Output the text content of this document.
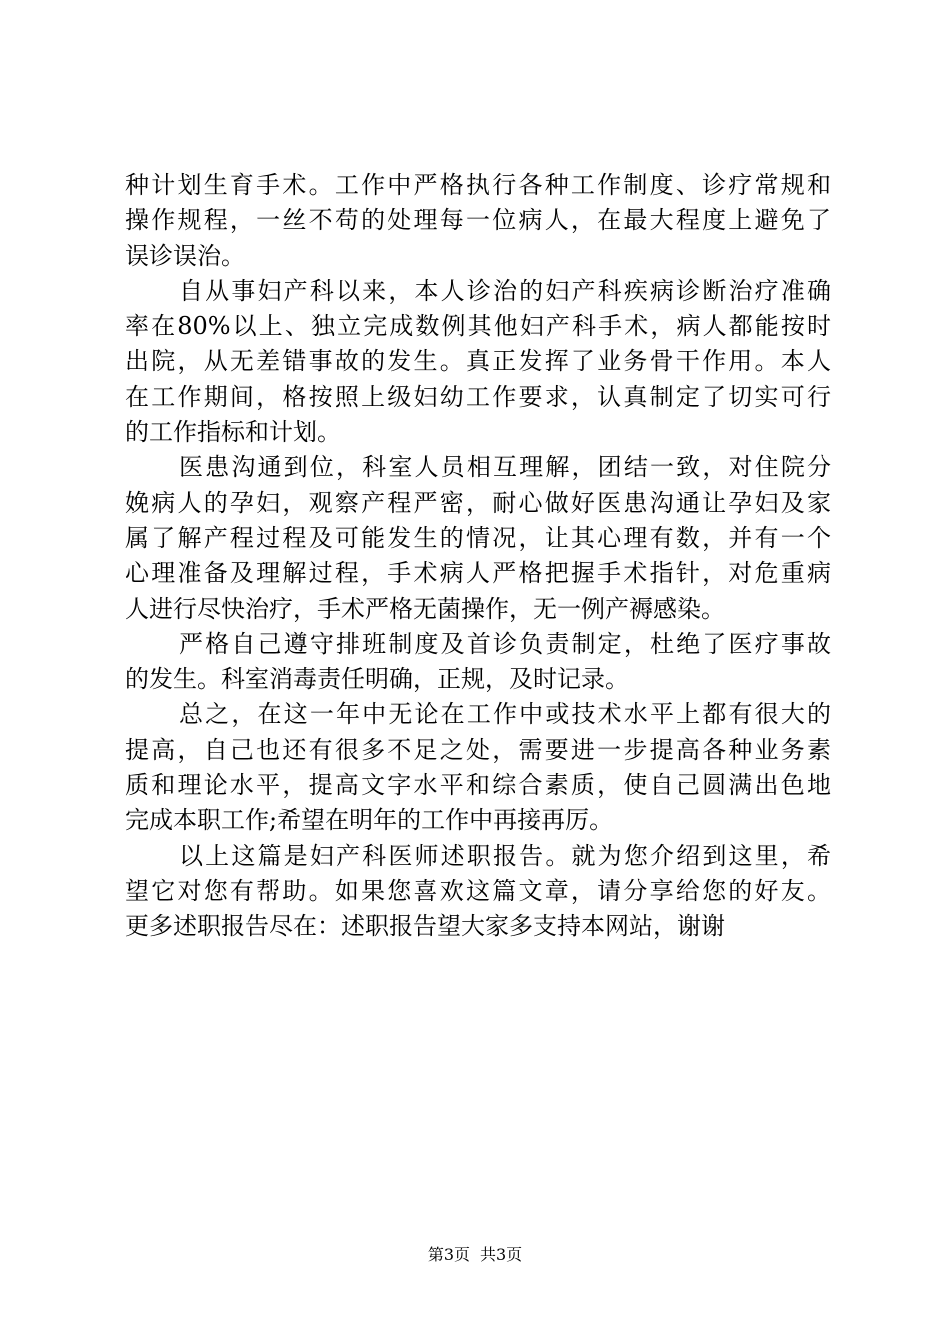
种计划生育手术。工作中严格执行各种工作制度、诊疗常规和
操作规程，一丝不苟的处理每一位病人，在最大程度上避免了
误诊误治。
自从事妇产科以来，本人诊治的妇产科疾病诊断治疗准确
率在80%以上、独立完成数例其他妇产科手术，病人都能按时
出院，从无差错事故的发生。真正发挥了业务骨干作用。本人
在工作期间，格按照上级妇幼工作要求，认真制定了切实可行
的工作指标和计划。
医患沟通到位，科室人员相互理解，团结一致，对住院分
娩病人的孕妇，观察产程严密，耐心做好医患沟通让孕妇及家
属了解产程过程及可能发生的情况，让其心理有数，并有一个
心理准备及理解过程，手术病人严格把握手术指针，对危重病
人进行尽快治疗，手术严格无菌操作，无一例产褥感染。
严格自己遵守排班制度及首诊负责制定，杜绝了医疗事故
的发生。科室消毒责任明确，正规，及时记录。
总之，在这一年中无论在工作中或技术水平上都有很大的
提高，自己也还有很多不足之处，需要进一步提高各种业务素
质和理论水平，提高文字水平和综合素质，使自己圆满出色地
完成本职工作;希望在明年的工作中再接再厉。
以上这篇是妇产科医师述职报告。就为您介绍到这里，希
望它对您有帮助。如果您喜欢这篇文章，请分享给您的好友。
更多述职报告尽在：述职报告望大家多支持本网站，谢谢
第3页 共3页
